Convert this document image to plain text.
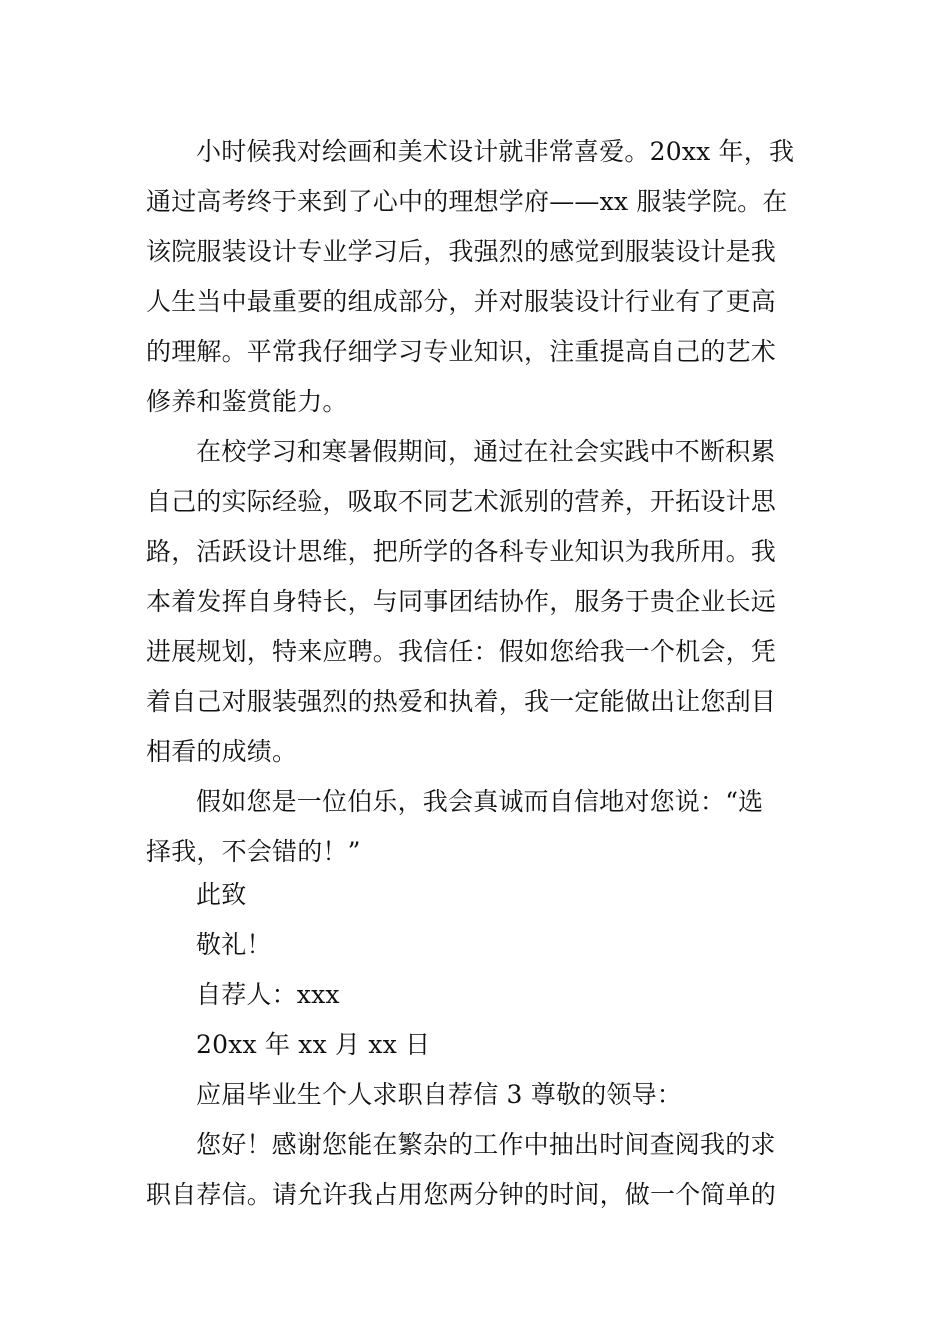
小时候我对绘画和美术设计就非常喜爱。20xx 年，我
通过高考终于来到了心中的理想学府——xx 服装学院。在
该院服装设计专业学习后，我强烈的感觉到服装设计是我
人生当中最重要的组成部分，并对服装设计行业有了更高
的理解。平常我仔细学习专业知识，注重提高自己的艺术
修养和鉴赏能力。
在校学习和寒暑假期间，通过在社会实践中不断积累
自己的实际经验，吸取不同艺术派别的营养，开拓设计思
路，活跃设计思维，把所学的各科专业知识为我所用。我
本着发挥自身特长，与同事团结协作，服务于贵企业长远
进展规划，特来应聘。我信任：假如您给我一个机会，凭
着自己对服装强烈的热爱和执着，我一定能做出让您刮目
相看的成绩。
假如您是一位伯乐，我会真诚而自信地对您说：“选
择我，不会错的！”
此致
敬礼！
自荐人：xxx
20xx 年 xx 月 xx 日
应届毕业生个人求职自荐信 3 尊敬的领导：
您好！感谢您能在繁杂的工作中抽出时间查阅我的求
职自荐信。请允许我占用您两分钟的时间，做一个简单的
